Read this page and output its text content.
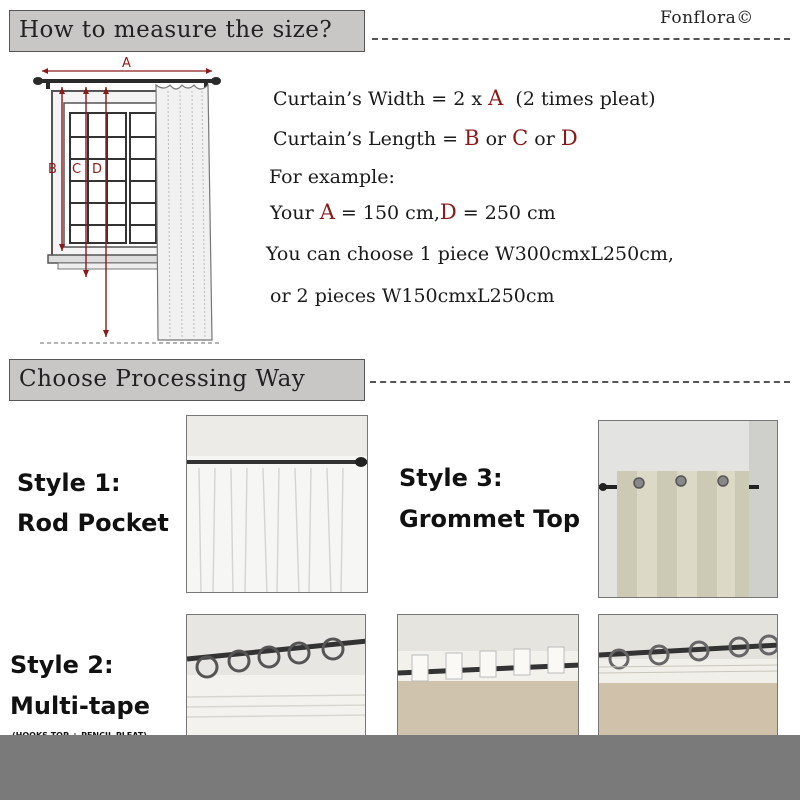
How to measure the size?	Fonflora©
A
B C D
Curtain’s Width = 2 x A  (2 times pleat)
Curtain’s Length = B or C or D
For example:
Your A = 150 cm,D = 250 cm
You can choose 1 piece W300cmxL250cm,
or 2 pieces W150cmxL250cm
Choose Processing Way
Style 1:
Rod Pocket
Style 3:
Grommet Top
Style 2:
Multi-tape
